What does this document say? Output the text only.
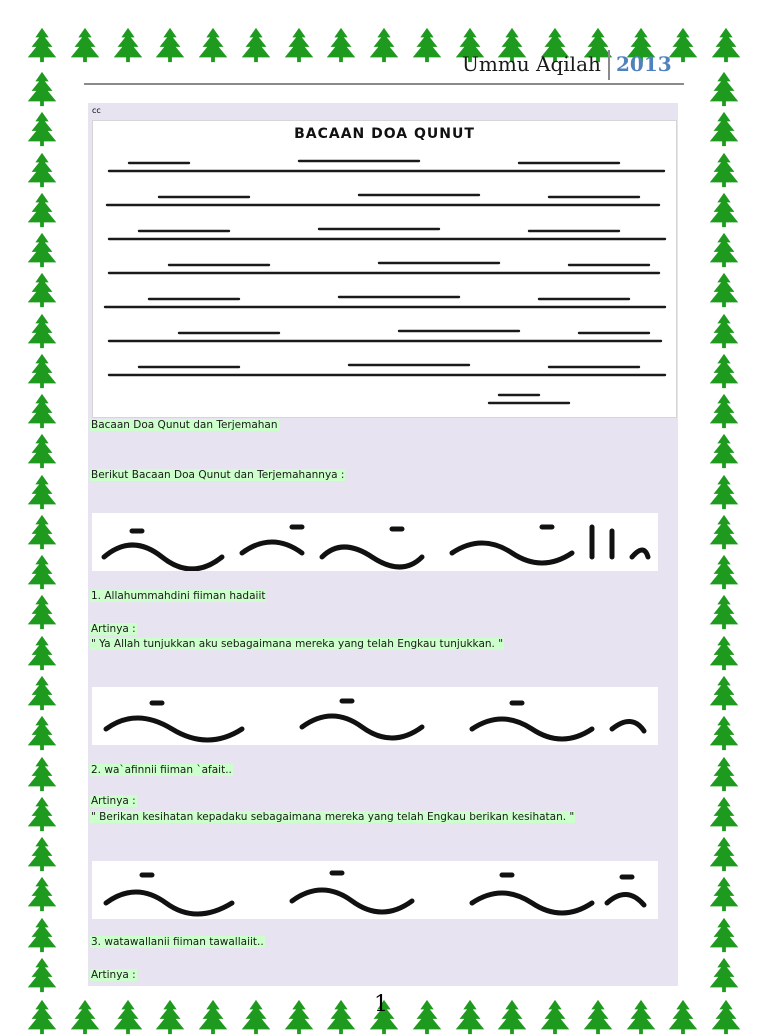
Ummu Aqilah 2013
cc
BACAAN DOA QUNUT
Bacaan Doa Qunut dan Terjemahan
Berikut Bacaan Doa Qunut dan Terjemahannya :
1. Allahummahdini fiiman hadaiit
Artinya :
" Ya Allah tunjukkan aku sebagaimana mereka yang telah Engkau tunjukkan. "
2. wa`afinnii fiiman `afait..
Artinya :
" Berikan kesihatan kepadaku sebagaimana mereka yang telah Engkau berikan kesihatan. "
3. watawallanii fiiman tawallaiit..
Artinya :
1
